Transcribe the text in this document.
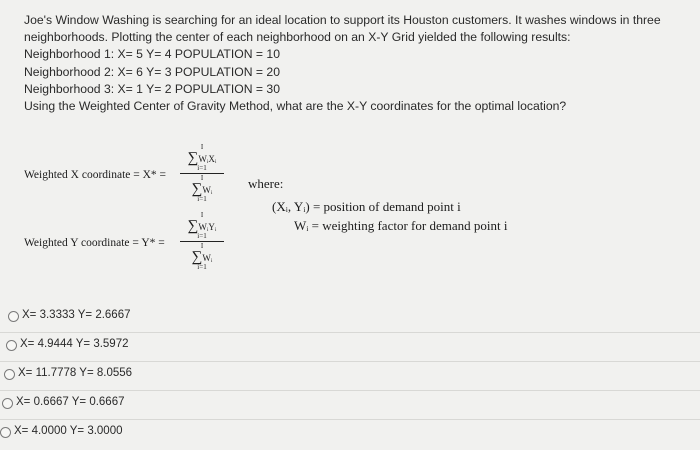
Joe's Window Washing is searching for an ideal location to support its Houston customers. It washes windows in three neighborhoods. Plotting the center of each neighborhood on an X-Y Grid yielded the following results:
Neighborhood 1: X= 5 Y= 4 POPULATION = 10
Neighborhood 2: X= 6 Y= 3 POPULATION = 20
Neighborhood 3: X= 1 Y= 2 POPULATION = 30
Using the Weighted Center of Gravity Method, what are the X-Y coordinates for the optimal location?
Weighted X coordinate = X* =
I
∑WᵢXᵢ
i=1
I
∑Wᵢ
i=1
Weighted Y coordinate = Y* =
I
∑WᵢYᵢ
i=1
I
∑Wᵢ
i=1
where:
(Xᵢ, Yᵢ) = position of demand point i
Wᵢ = weighting factor for demand point i
X= 3.3333 Y= 2.6667
X= 4.9444 Y= 3.5972
X= 11.7778 Y= 8.0556
X= 0.6667 Y= 0.6667
X= 4.0000 Y= 3.0000
